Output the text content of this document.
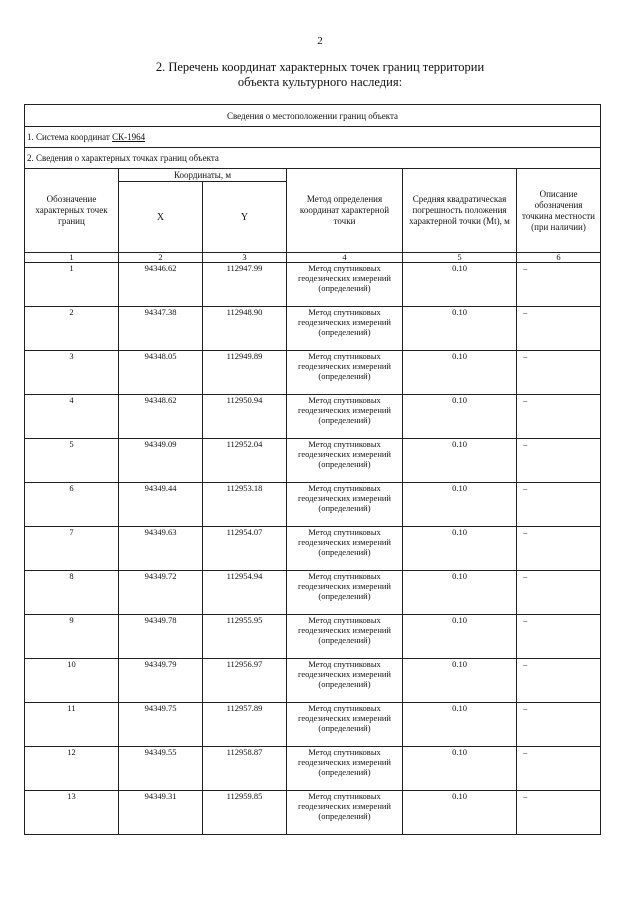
2
2. Перечень координат характерных точек границ территории
объекта культурного наследия:
Сведения о местоположении границ объекта					
1. Система координат СК-1964					
2. Сведения о характерных точках границ объекта					
Обозначение характерных точек границ	Координаты, м		Метод определения координат характерной точки	Средняя квадратическая погрешность положения характерной точки (Mt), м	Описание обозначения точкина местности (при наличии)
	X	Y			
1	2	3	4	5	6
1	94346.62	112947.99	Метод спутниковых геодезических измерений (определений)	0.10	–
2	94347.38	112948.90	Метод спутниковых геодезических измерений (определений)	0.10	–
3	94348.05	112949.89	Метод спутниковых геодезических измерений (определений)	0.10	–
4	94348.62	112950.94	Метод спутниковых геодезических измерений (определений)	0.10	–
5	94349.09	112952.04	Метод спутниковых геодезических измерений (определений)	0.10	–
6	94349.44	112953.18	Метод спутниковых геодезических измерений (определений)	0.10	–
7	94349.63	112954.07	Метод спутниковых геодезических измерений (определений)	0.10	–
8	94349.72	112954.94	Метод спутниковых геодезических измерений (определений)	0.10	–
9	94349.78	112955.95	Метод спутниковых геодезических измерений (определений)	0.10	–
10	94349.79	112956.97	Метод спутниковых геодезических измерений (определений)	0.10	–
11	94349.75	112957.89	Метод спутниковых геодезических измерений (определений)	0.10	–
12	94349.55	112958.87	Метод спутниковых геодезических измерений (определений)	0.10	–
13	94349.31	112959.85	Метод спутниковых геодезических измерений (определений)	0.10	–
